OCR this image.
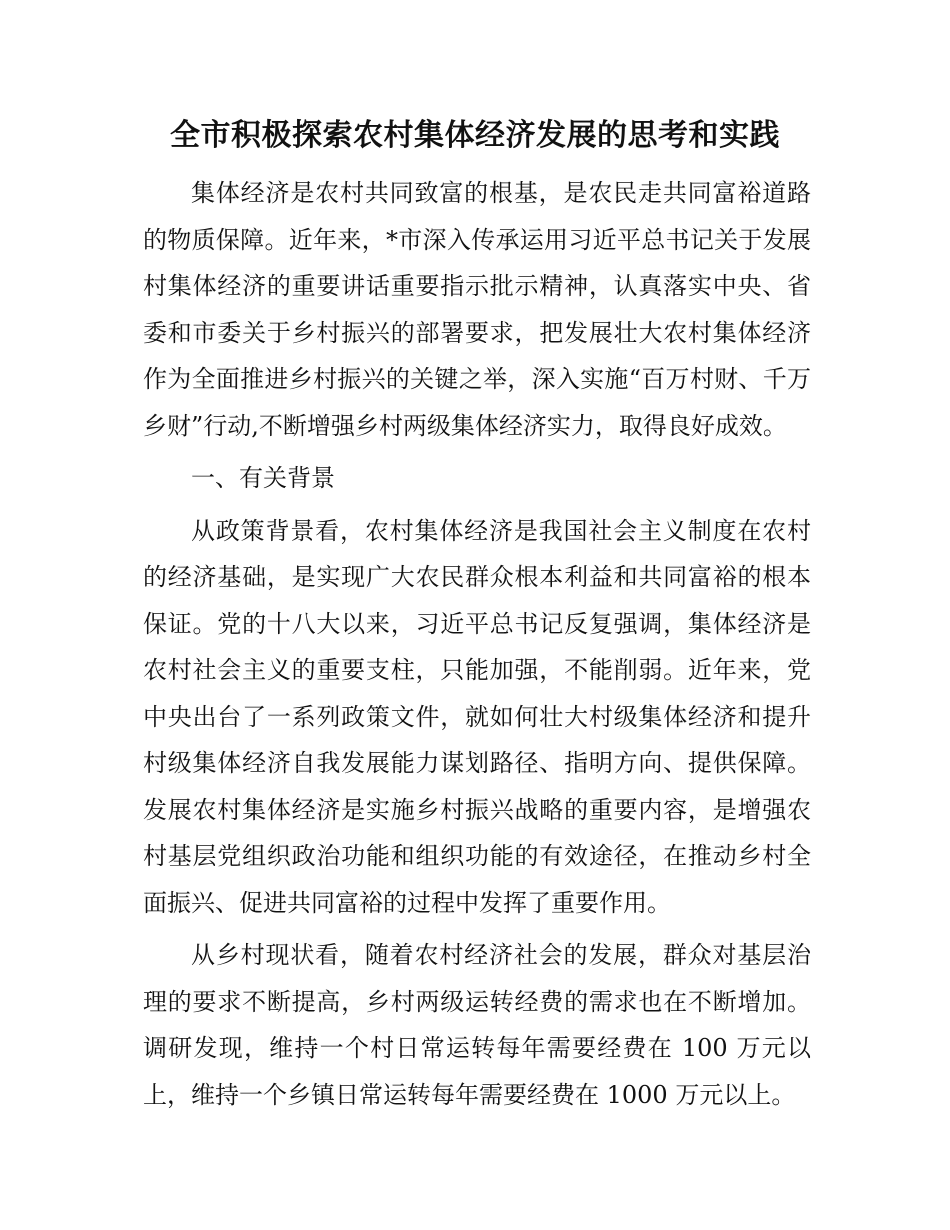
全市积极探索农村集体经济发展的思考和实践

集体经济是农村共同致富的根基，是农民走共同富裕道路的物质保障。近年来，*市深入传承运用习近平总书记关于发展村集体经济的重要讲话重要指示批示精神，认真落实中央、省委和市委关于乡村振兴的部署要求，把发展壮大农村集体经济作为全面推进乡村振兴的关键之举，深入实施“百万村财、千万乡财”行动,不断增强乡村两级集体经济实力，取得良好成效。

一、有关背景

从政策背景看，农村集体经济是我国社会主义制度在农村的经济基础，是实现广大农民群众根本利益和共同富裕的根本保证。党的十八大以来，习近平总书记反复强调，集体经济是农村社会主义的重要支柱，只能加强，不能削弱。近年来，党中央出台了一系列政策文件，就如何壮大村级集体经济和提升村级集体经济自我发展能力谋划路径、指明方向、提供保障。发展农村集体经济是实施乡村振兴战略的重要内容，是增强农村基层党组织政治功能和组织功能的有效途径，在推动乡村全面振兴、促进共同富裕的过程中发挥了重要作用。

从乡村现状看，随着农村经济社会的发展，群众对基层治理的要求不断提高，乡村两级运转经费的需求也在不断增加。调研发现，维持一个村日常运转每年需要经费在 100 万元以上，维持一个乡镇日常运转每年需要经费在 1000 万元以上。
